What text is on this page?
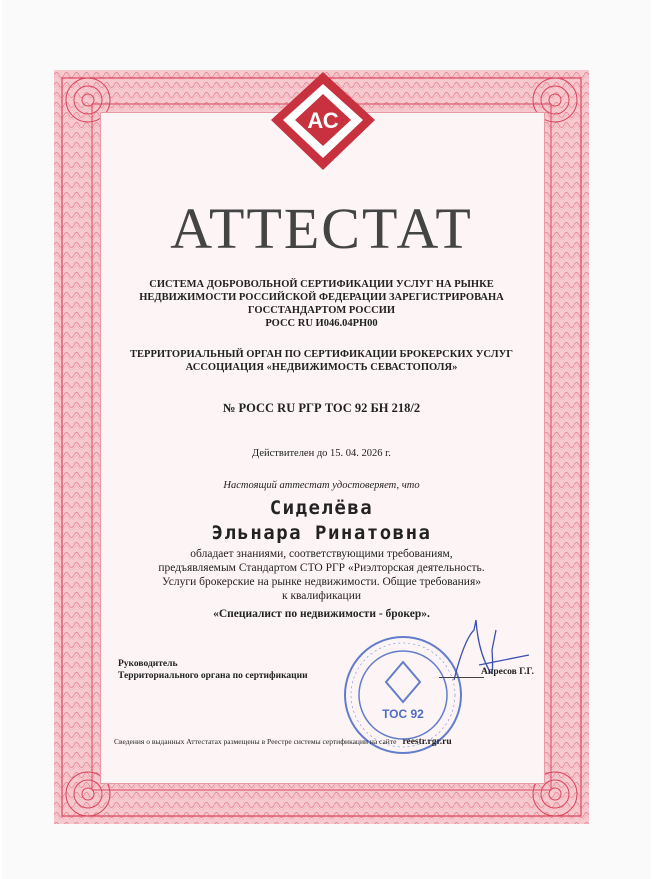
АС
АТТЕСТАТ
СИСТЕМА ДОБРОВОЛЬНОЙ СЕРТИФИКАЦИИ УСЛУГ НА РЫНКЕ
НЕДВИЖИМОСТИ РОССИЙСКОЙ ФЕДЕРАЦИИ ЗАРЕГИСТРИРОВАНА
ГОССТАНДАРТОМ РОССИИ
РОСС RU И046.04РН00
ТЕРРИТОРИАЛЬНЫЙ ОРГАН ПО СЕРТИФИКАЦИИ БРОКЕРСКИХ УСЛУГ
АССОЦИАЦИЯ «НЕДВИЖИМОСТЬ СЕВАСТОПОЛЯ»
№ РОСС RU РГР ТОС 92 БН 218/2
Действителен до 15. 04. 2026 г.
Настоящий аттестат удостоверяет, что
Сиделёва
Эльнара Ринатовна
обладает знаниями, соответствующими требованиям,
предъявляемым Стандартом СТО РГР «Риэлторская деятельность.
Услуги брокерские на рынке недвижимости. Общие требования»
к квалификации
«Специалист по недвижимости - брокер».
Руководитель
Территориального органа по сертификации
ТОС 92
Апресов Г.Г.
Сведения о выданных Аттестатах размещены в Реестре системы сертификации на сайте reestr.rgr.ru
